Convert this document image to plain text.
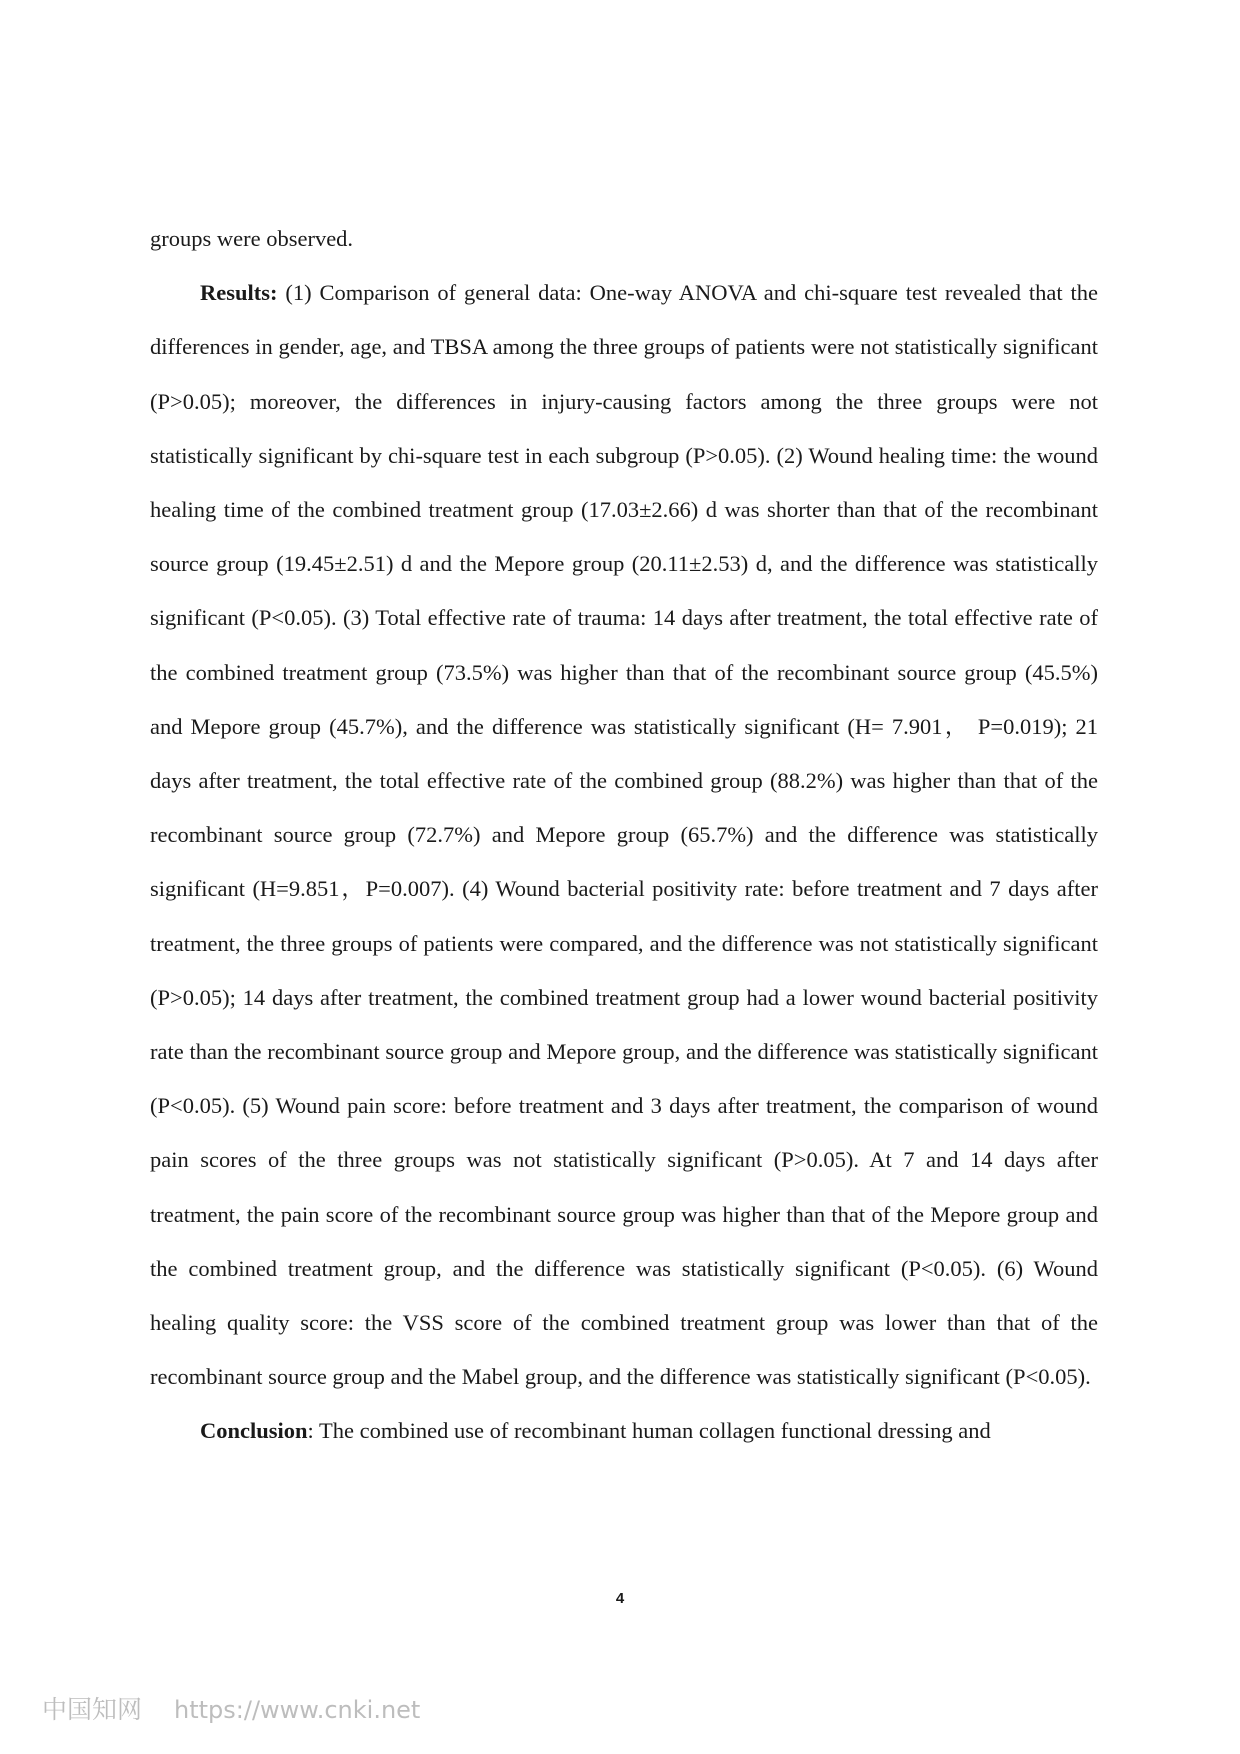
groups were observed.

Results: (1) Comparison of general data: One-way ANOVA and chi-square test revealed that the differences in gender, age, and TBSA among the three groups of patients were not statistically significant (P>0.05); moreover, the differences in injury-causing factors among the three groups were not statistically significant by chi-square test in each subgroup (P>0.05). (2) Wound healing time: the wound healing time of the combined treatment group (17.03±2.66) d was shorter than that of the recombinant source group (19.45±2.51) d and the Mepore group (20.11±2.53) d, and the difference was statistically significant (P<0.05). (3) Total effective rate of trauma: 14 days after treatment, the total effective rate of the combined treatment group (73.5%) was higher than that of the recombinant source group (45.5%) and Mepore group (45.7%), and the difference was statistically significant (H= 7.901， P=0.019); 21 days after treatment, the total effective rate of the combined group (88.2%) was higher than that of the recombinant source group (72.7%) and Mepore group (65.7%) and the difference was statistically significant (H=9.851，P=0.007). (4) Wound bacterial positivity rate: before treatment and 7 days after treatment, the three groups of patients were compared, and the difference was not statistically significant (P>0.05); 14 days after treatment, the combined treatment group had a lower wound bacterial positivity rate than the recombinant source group and Mepore group, and the difference was statistically significant (P<0.05). (5) Wound pain score: before treatment and 3 days after treatment, the comparison of wound pain scores of the three groups was not statistically significant (P>0.05). At 7 and 14 days after treatment, the pain score of the recombinant source group was higher than that of the Mepore group and the combined treatment group, and the difference was statistically significant (P<0.05). (6) Wound healing quality score: the VSS score of the combined treatment group was lower than that of the recombinant source group and the Mabel group, and the difference was statistically significant (P<0.05).

Conclusion: The combined use of recombinant human collagen functional dressing and

4
中国知网 https://www.cnki.net
